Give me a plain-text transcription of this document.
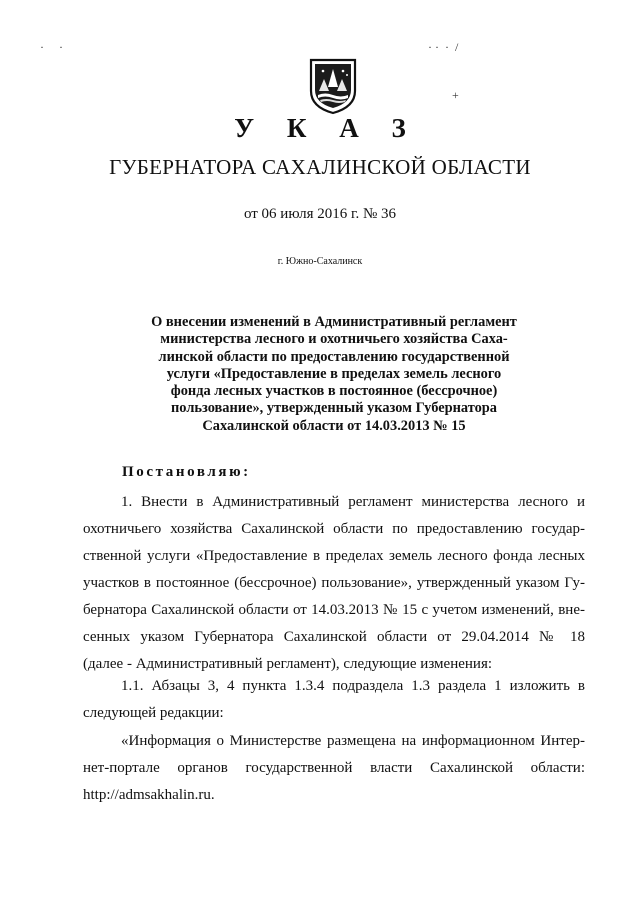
·     ·	· ·  ·  /
+
У К А З
ГУБЕРНАТОРА САХАЛИНСКОЙ ОБЛАСТИ
от 06 июля 2016 г. № 36
г. Южно-Сахалинск
О внесении изменений в Административный регламент
министерства лесного и охотничьего хозяйства Саха-
линской области по предоставлению государственной
услуги «Предоставление в пределах земель лесного
фонда лесных участков в постоянное (бессрочное)
пользование», утвержденный указом Губернатора
Сахалинской области от 14.03.2013 № 15
Постановляю:
1. Внести в Административный регламент министерства лесного и
охотничьего хозяйства Сахалинской области по предоставлению государ-
ственной услуги «Предоставление в пределах земель лесного фонда лесных
участков в постоянное (бессрочное) пользование», утвержденный указом Гу-
бернатора Сахалинской области от 14.03.2013 № 15 с учетом изменений, вне-
сенных указом Губернатора Сахалинской области от 29.04.2014 № 18
(далее - Административный регламент), следующие изменения:
1.1. Абзацы 3, 4 пункта 1.3.4 подраздела 1.3 раздела 1 изложить в
следующей редакции:
«Информация о Министерстве размещена на информационном Интер-
нет-портале органов государственной власти Сахалинской области:
http://admsakhalin.ru.
